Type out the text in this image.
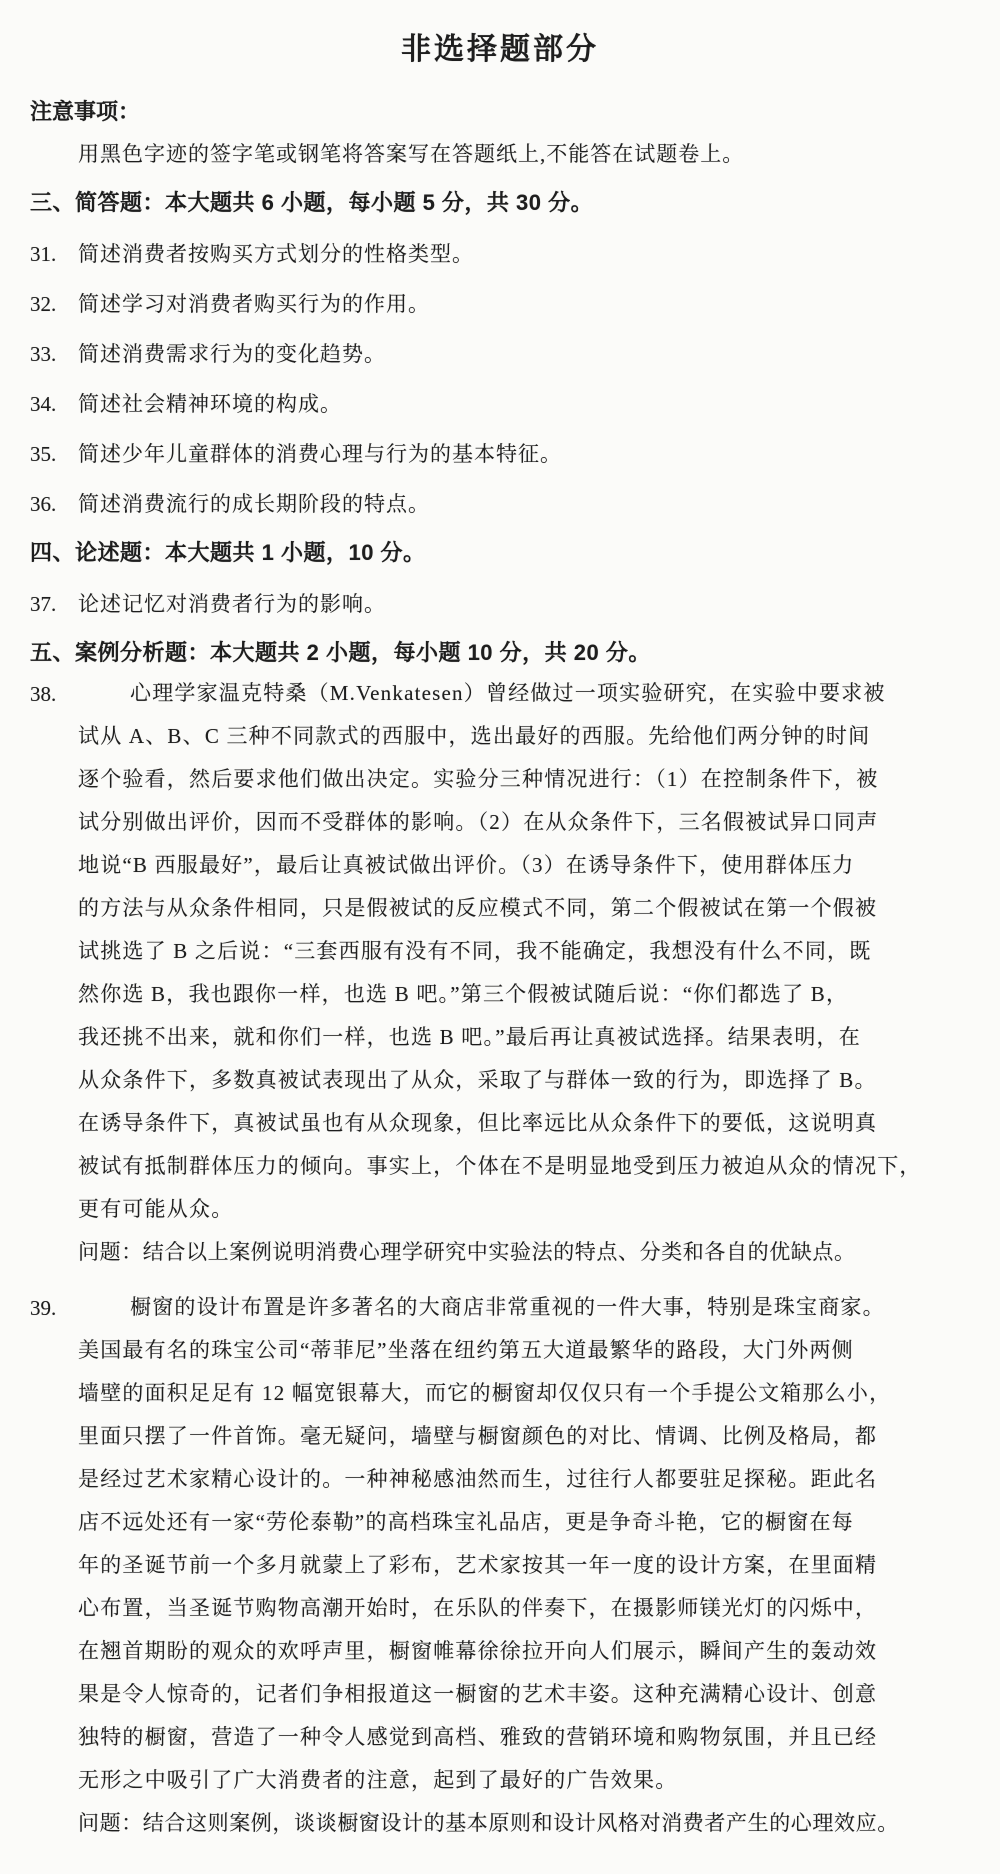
非选择题部分
注意事项：
用黑色字迹的签字笔或钢笔将答案写在答题纸上,不能答在试题卷上。
三、简答题：本大题共 6 小题，每小题 5 分，共 30 分。
31.	简述消费者按购买方式划分的性格类型。
32.	简述学习对消费者购买行为的作用。
33.	简述消费需求行为的变化趋势。
34.	简述社会精神环境的构成。
35.	简述少年儿童群体的消费心理与行为的基本特征。
36.	简述消费流行的成长期阶段的特点。
四、论述题：本大题共 1 小题，10 分。
37.	论述记忆对消费者行为的影响。
五、案例分析题：本大题共 2 小题，每小题 10 分，共 20 分。
38.	心理学家温克特桑（M.Venkatesen）曾经做过一项实验研究，在实验中要求被
试从 A、B、C 三种不同款式的西服中，选出最好的西服。先给他们两分钟的时间
逐个验看，然后要求他们做出决定。实验分三种情况进行：（1）在控制条件下，被
试分别做出评价，因而不受群体的影响。（2）在从众条件下，三名假被试异口同声
地说“B 西服最好”，最后让真被试做出评价。（3）在诱导条件下，使用群体压力
的方法与从众条件相同，只是假被试的反应模式不同，第二个假被试在第一个假被
试挑选了 B 之后说：“三套西服有没有不同，我不能确定，我想没有什么不同，既
然你选 B，我也跟你一样，也选 B 吧。”第三个假被试随后说：“你们都选了 B，
我还挑不出来，就和你们一样，也选 B 吧。”最后再让真被试选择。结果表明，在
从众条件下，多数真被试表现出了从众，采取了与群体一致的行为，即选择了 B。
在诱导条件下，真被试虽也有从众现象，但比率远比从众条件下的要低，这说明真
被试有抵制群体压力的倾向。事实上，个体在不是明显地受到压力被迫从众的情况下，
更有可能从众。
问题：结合以上案例说明消费心理学研究中实验法的特点、分类和各自的优缺点。
39.	橱窗的设计布置是许多著名的大商店非常重视的一件大事，特别是珠宝商家。
美国最有名的珠宝公司“蒂菲尼”坐落在纽约第五大道最繁华的路段，大门外两侧
墙壁的面积足足有 12 幅宽银幕大，而它的橱窗却仅仅只有一个手提公文箱那么小，
里面只摆了一件首饰。毫无疑问，墙壁与橱窗颜色的对比、情调、比例及格局，都
是经过艺术家精心设计的。一种神秘感油然而生，过往行人都要驻足探秘。距此名
店不远处还有一家“劳伦泰勒”的高档珠宝礼品店，更是争奇斗艳，它的橱窗在每
年的圣诞节前一个多月就蒙上了彩布，艺术家按其一年一度的设计方案，在里面精
心布置，当圣诞节购物高潮开始时，在乐队的伴奏下，在摄影师镁光灯的闪烁中，
在翘首期盼的观众的欢呼声里，橱窗帷幕徐徐拉开向人们展示，瞬间产生的轰动效
果是令人惊奇的，记者们争相报道这一橱窗的艺术丰姿。这种充满精心设计、创意
独特的橱窗，营造了一种令人感觉到高档、雅致的营销环境和购物氛围，并且已经
无形之中吸引了广大消费者的注意，起到了最好的广告效果。
问题：结合这则案例，谈谈橱窗设计的基本原则和设计风格对消费者产生的心理效应。
